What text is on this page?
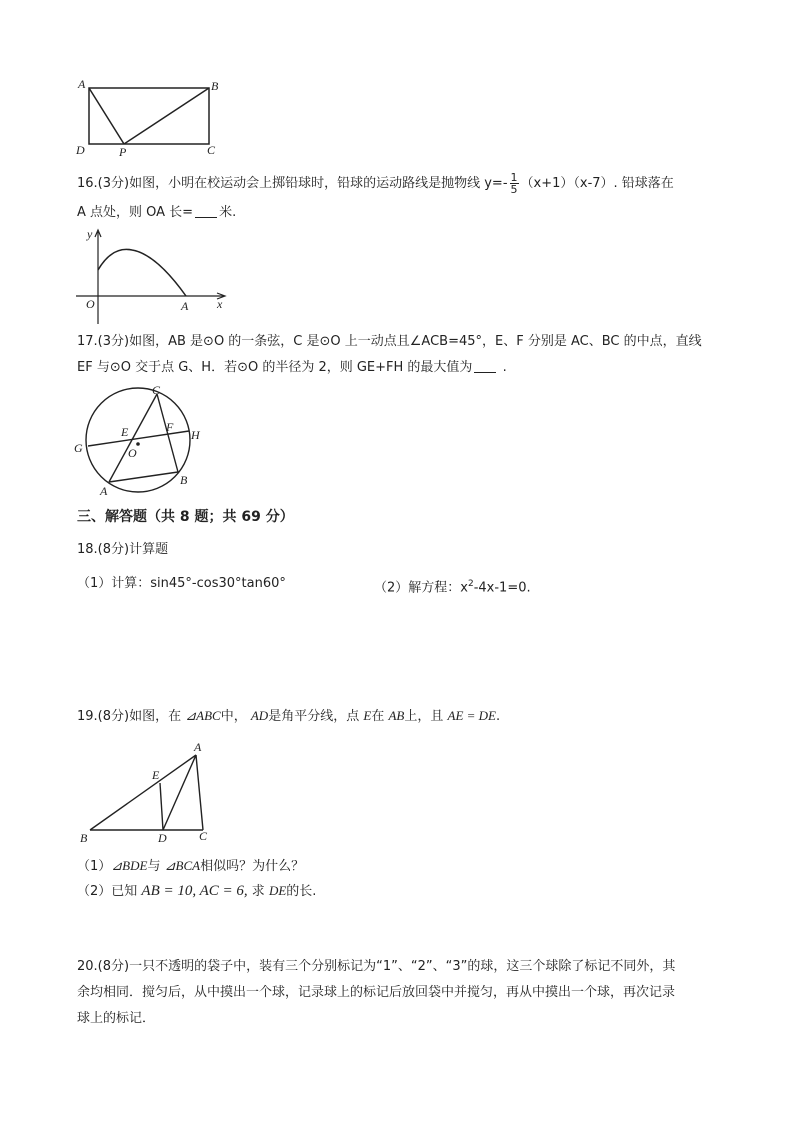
A	B
D	P	C
16.(3分)如图，小明在校运动会上掷铅球时，铅球的运动路线是抛物线 $y=- \frac{1}{5} (x+1)(x-7)$. 铅球落在
A 点处，则 OA 长= 米.
y
x
O	A
17.(3分)如图，AB 是⊙O 的一条弦，C 是⊙O 上一动点且∠ACB=45°，E、F 分别是 AC、BC 的中点，直线
EF 与⊙O 交于点 G、H．若⊙O 的半径为 2，则 GE+FH 的最大值为 .
C
E	F
H
G	O
A
B
三、解答题（共 8 题；共 69 分）
18.(8分)计算题
（1）计算：sin45°-cos30°tan60°	（2）解方程：$x^2-4x-1=0$.
19.(8分)如图，在 ⊿ABC中， AD是角平分线，点 E在 AB上，且 AE = DE.
A
E
B	D	C
（1）⊿BDE与 ⊿BCA相似吗？为什么？
（2）已知 AB = 10, AC = 6, 求 DE的长.
20.(8分)一只不透明的袋子中，装有三个分别标记为“1”、“2”、“3”的球，这三个球除了标记不同外，其
余均相同．搅匀后，从中摸出一个球，记录球上的标记后放回袋中并搅匀，再从中摸出一个球，再次记录
球上的标记．
